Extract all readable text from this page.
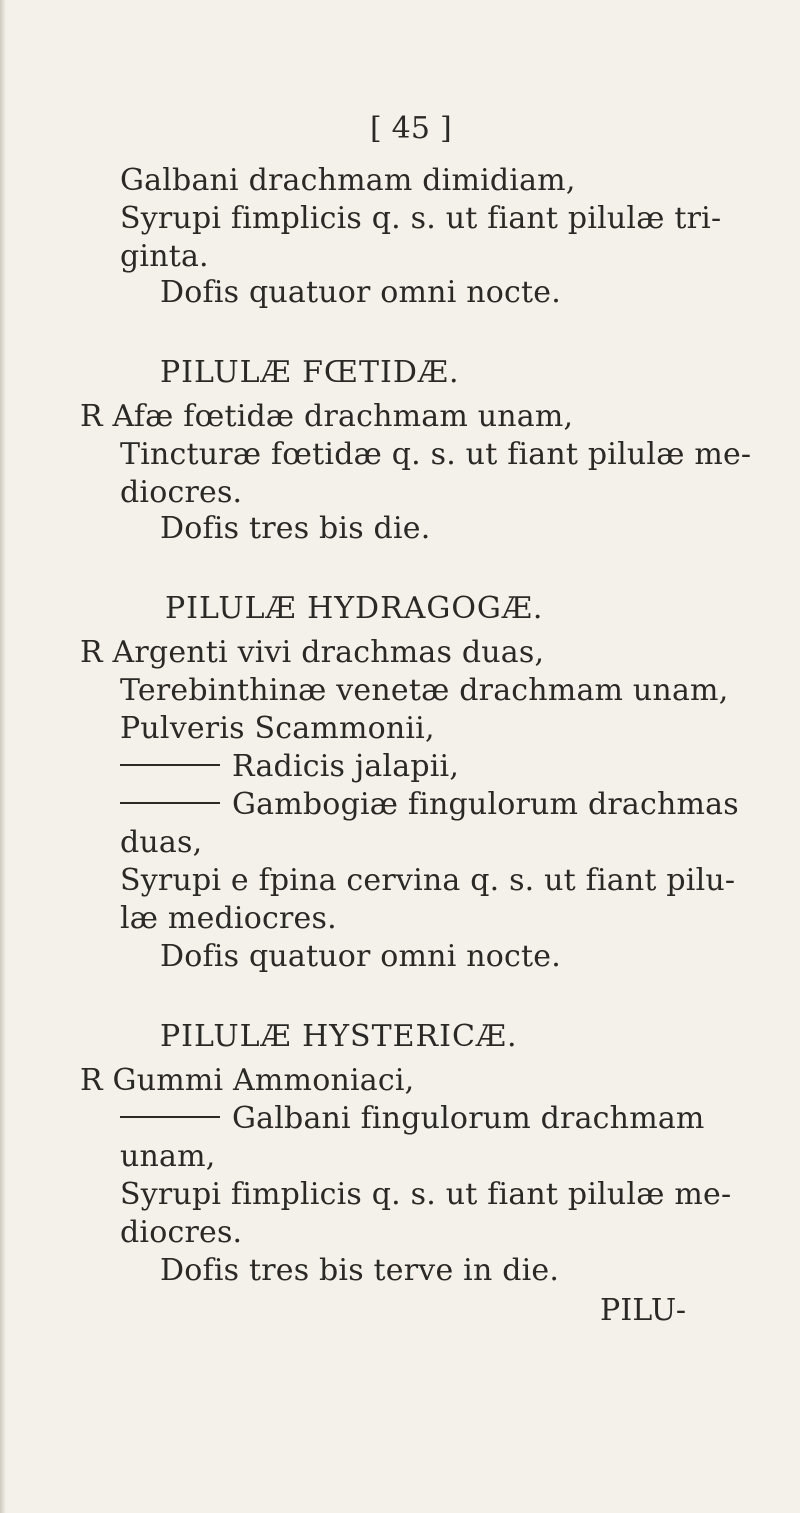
[ 45 ]
Galbani drachmam dimidiam,
Syrupi fimplicis q. s. ut fiant pilulæ tri-
ginta.
Dofis quatuor omni nocte.
PILULÆ FŒTIDÆ.
R Afæ fœtidæ drachmam unam,
Tincturæ fœtidæ q. s. ut fiant pilulæ me-
diocres.
Dofis tres bis die.
PILULÆ HYDRAGOGÆ.
R Argenti vivi drachmas duas,
Terebinthinæ venetæ drachmam unam,
Pulveris Scammonii,
Radicis jalapii,
Gambogiæ fingulorum drachmas
duas,
Syrupi e fpina cervina q. s. ut fiant pilu-
læ mediocres.
Dofis quatuor omni nocte.
PILULÆ HYSTERICÆ.
R Gummi Ammoniaci,
Galbani fingulorum drachmam
unam,
Syrupi fimplicis q. s. ut fiant pilulæ me-
diocres.
Dofis tres bis terve in die.
PILU-
